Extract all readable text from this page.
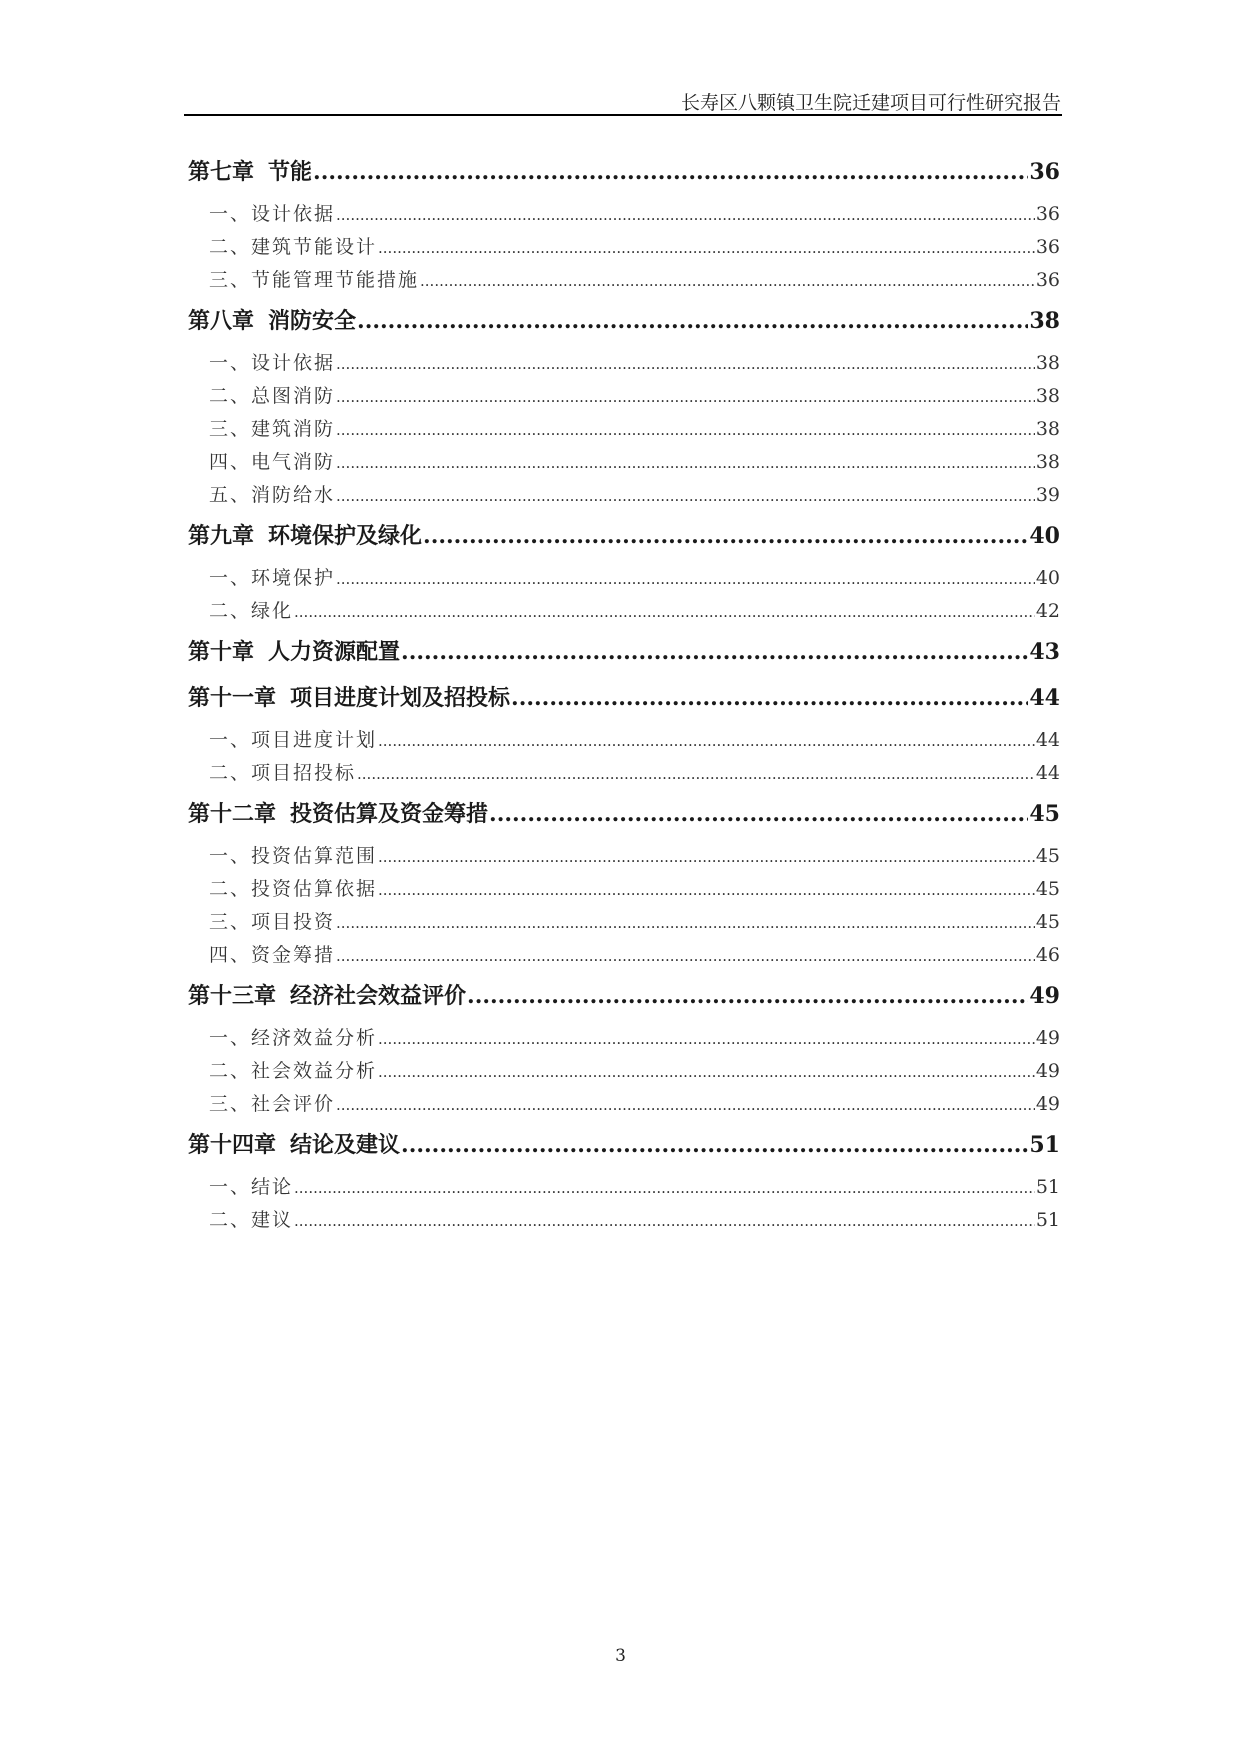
长寿区八颗镇卫生院迁建项目可行性研究报告
第七章 节能 .....	36
一、设计依据 .....	36
二、建筑节能设计 .....	36
三、节能管理节能措施 .....	36
第八章 消防安全 .....	38
一、设计依据 .....	38
二、总图消防 .....	38
三、建筑消防 .....	38
四、电气消防 .....	38
五、消防给水 .....	39
第九章 环境保护及绿化 .....	40
一、环境保护 .....	40
二、绿化 .....	42
第十章 人力资源配置 .....	43
第十一章 项目进度计划及招投标 .....	44
一、项目进度计划 .....	44
二、项目招投标 .....	44
第十二章 投资估算及资金筹措 .....	45
一、投资估算范围 .....	45
二、投资估算依据 .....	45
三、项目投资 .....	45
四、资金筹措 .....	46
第十三章 经济社会效益评价 .....	49
一、经济效益分析 .....	49
二、社会效益分析 .....	49
三、社会评价 .....	49
第十四章 结论及建议 .....	51
一、结论 .....	51
二、建议 .....	51
3
